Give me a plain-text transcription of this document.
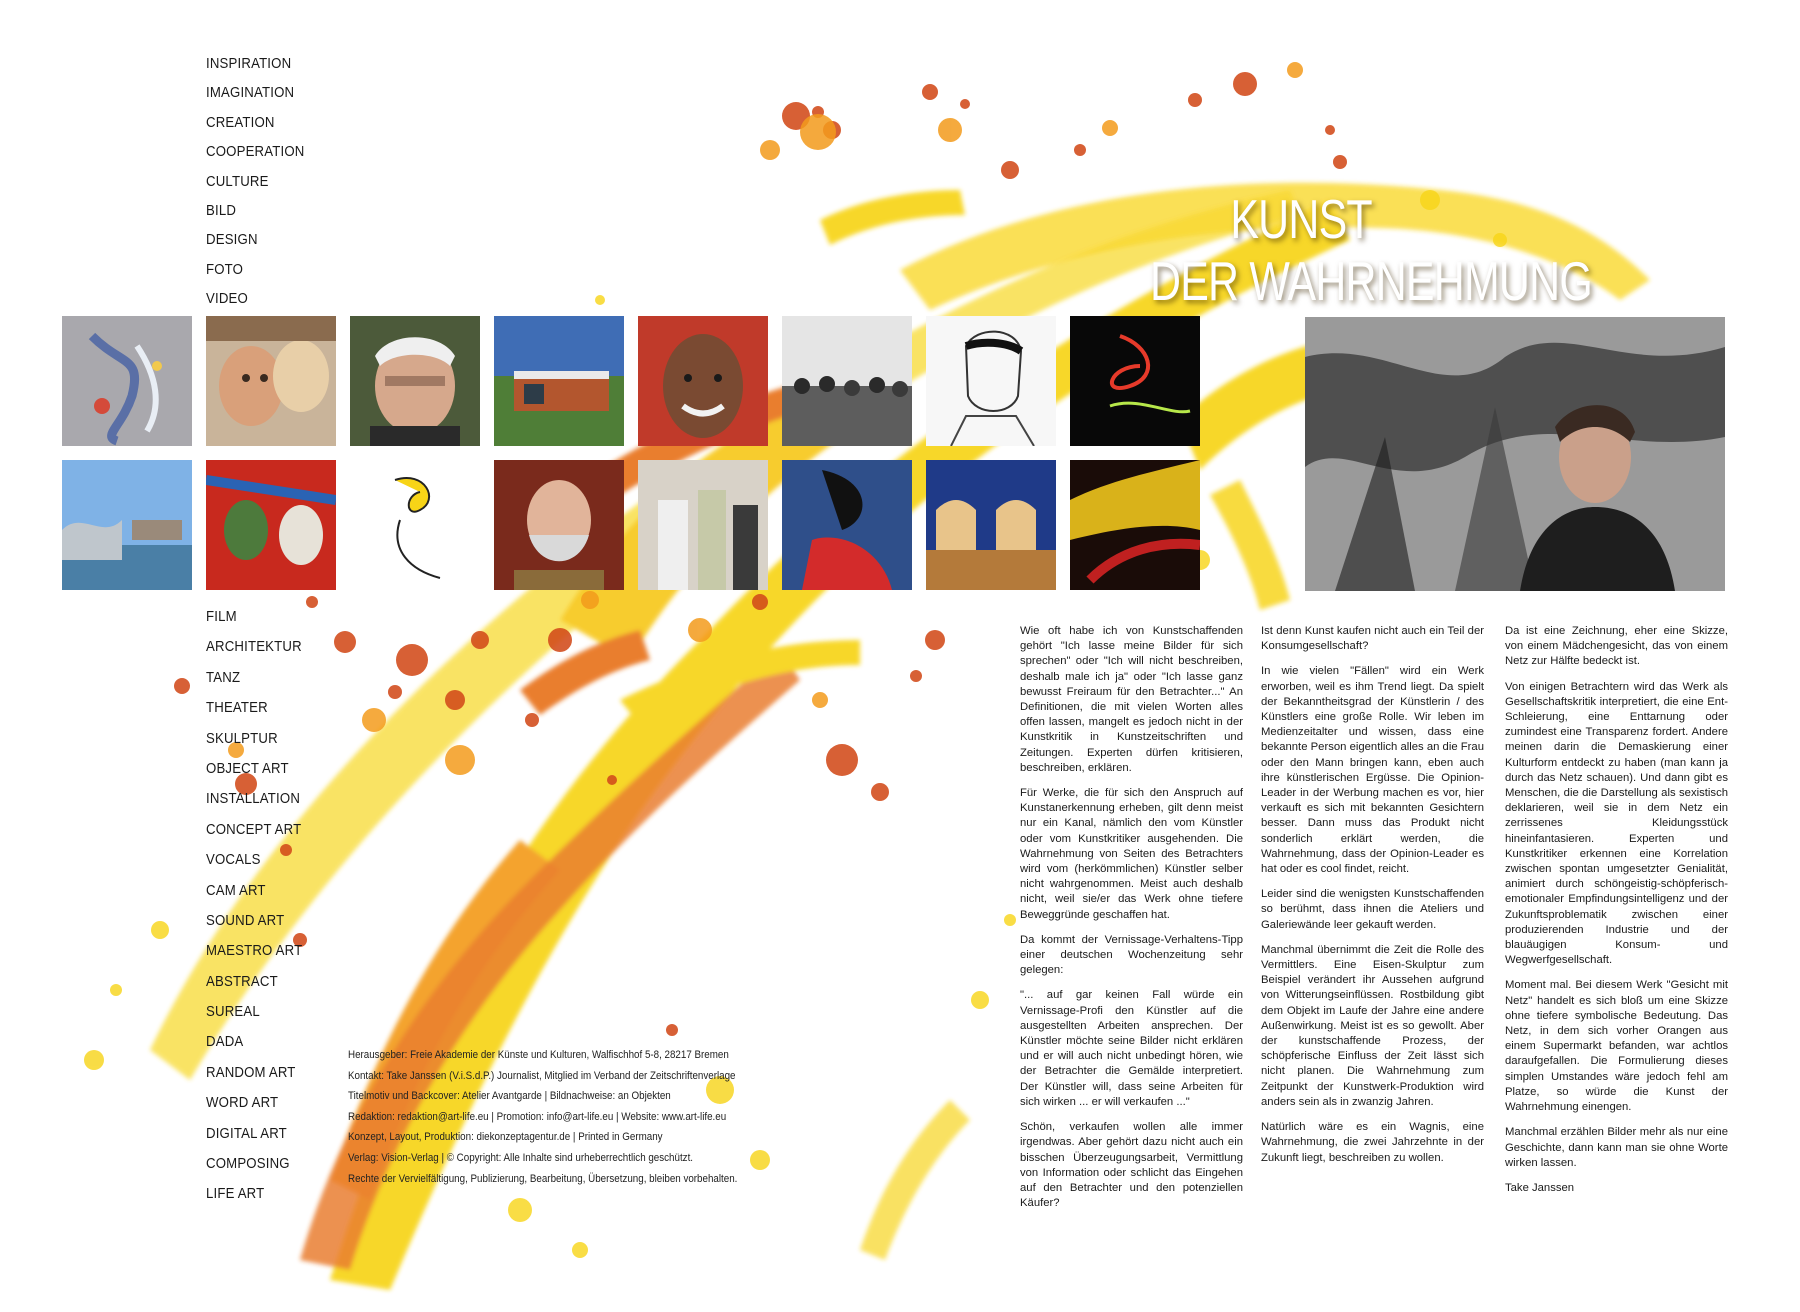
INSPIRATION
IMAGINATION
CREATION
COOPERATION
CULTURE
BILD
DESIGN
FOTO
VIDEO
KUNST
DER WAHRNEHMUNG
FILM
ARCHITEKTUR
TANZ
THEATER
SKULPTUR
OBJECT ART
INSTALLATION
CONCEPT ART
VOCALS
CAM ART
SOUND ART
MAESTRO ART
ABSTRACT
SUREAL
DADA
RANDOM ART
WORD ART
DIGITAL ART
COMPOSING
LIFE ART
Herausgeber: Freie Akademie der Künste und Kulturen, Walfischhof 5-8, 28217 Bremen
Kontakt: Take Janssen (V.i.S.d.P.) Journalist, Mitglied im Verband der Zeitschriftenverlage
Titelmotiv und Backcover: Atelier Avantgarde | Bildnachweise: an Objekten
Redaktion: redaktion@art-life.eu | Promotion: info@art-life.eu | Website: www.art-life.eu
Konzept, Layout, Produktion: diekonzeptagentur.de | Printed in Germany
Verlag: Vision-Verlag | © Copyright: Alle Inhalte sind urheberrechtlich geschützt.
Rechte der Vervielfältigung, Publizierung, Bearbeitung, Übersetzung, bleiben vorbehalten.

Wie oft habe ich von Kunstschaffenden gehört "Ich lasse meine Bilder für sich sprechen" oder "Ich will nicht beschreiben, deshalb male ich ja" oder "Ich lasse ganz bewusst Freiraum für den Betrachter..." An Definitionen, die mit vielen Worten alles offen lassen, mangelt es jedoch nicht in der Kunstkritik in Kunstzeitschriften und Zeitungen. Experten dürfen kritisieren, beschreiben, erklären.

Für Werke, die für sich den Anspruch auf Kunstanerkennung erheben, gilt denn meist nur ein Kanal, nämlich den vom Künstler oder vom Kunstkritiker ausgehenden. Die Wahrnehmung von Seiten des Betrachters wird vom (herkömmlichen) Künstler selber nicht wahrgenommen. Meist auch deshalb nicht, weil sie/er das Werk ohne tiefere Beweggründe geschaffen hat.

Da kommt der Vernissage-Verhaltens-Tipp einer deutschen Wochenzeitung sehr gelegen:

"... auf gar keinen Fall würde ein Vernissage-Profi den Künstler auf die ausgestellten Arbeiten ansprechen. Der Künstler möchte seine Bilder nicht erklären und er will auch nicht unbedingt hören, wie der Betrachter die Gemälde interpretiert. Der Künstler will, dass seine Arbeiten für sich wirken ... er will verkaufen ..."

Schön, verkaufen wollen alle immer irgendwas. Aber gehört dazu nicht auch ein bisschen Überzeugungsarbeit, Vermittlung von Information oder schlicht das Eingehen auf den Betrachter und den potenziellen Käufer?

Ist denn Kunst kaufen nicht auch ein Teil der Konsumgesellschaft?

In wie vielen "Fällen" wird ein Werk erworben, weil es ihm Trend liegt. Da spielt der Bekanntheitsgrad der Künstlerin / des Künstlers eine große Rolle. Wir leben im Medienzeitalter und wissen, dass eine bekannte Person eigentlich alles an die Frau oder den Mann bringen kann, eben auch ihre künstlerischen Ergüsse. Die Opinion- Leader in der Werbung machen es vor, hier verkauft es sich mit bekannten Gesichtern besser. Dann muss das Produkt nicht sonderlich erklärt werden, die Wahrnehmung, dass der Opinion-Leader es hat oder es cool findet, reicht.

Leider sind die wenigsten Kunstschaffenden so berühmt, dass ihnen die Ateliers und Galeriewände leer gekauft werden.

Manchmal übernimmt die Zeit die Rolle des Vermittlers. Eine Eisen-Skulptur zum Beispiel verändert ihr Aussehen aufgrund von Witterungseinflüssen. Rostbildung gibt dem Objekt im Laufe der Jahre eine andere Außenwirkung. Meist ist es so gewollt. Aber der kunstschaffende Prozess, der schöpferische Einfluss der Zeit lässt sich nicht planen. Die Wahrnehmung zum Zeitpunkt der Kunstwerk-Produktion wird anders sein als in zwanzig Jahren.

Natürlich wäre es ein Wagnis, eine Wahrnehmung, die zwei Jahrzehnte in der Zukunft liegt, beschreiben zu wollen.

Da ist eine Zeichnung, eher eine Skizze, von einem Mädchengesicht, das von einem Netz zur Hälfte bedeckt ist.

Von einigen Betrachtern wird das Werk als Gesellschaftskritik interpretiert, die eine Ent-Schleierung, eine Enttarnung oder zumindest eine Transparenz fordert. Andere meinen darin die Demaskierung einer Kulturform entdeckt zu haben (man kann ja durch das Netz schauen). Und dann gibt es Menschen, die die Darstellung als sexistisch deklarieren, weil sie in dem Netz ein zerrissenes Kleidungsstück hineinfantasieren. Experten und Kunstkritiker erkennen eine Korrelation zwischen spontan umgesetzter Genialität, animiert durch schöngeistig-schöpferisch-emotionaler Empfindungsintelligenz und der Zukunftsproblematik zwischen einer produzierenden Industrie und der blauäugigen Konsum- und Wegwerfgesellschaft.

Moment mal. Bei diesem Werk "Gesicht mit Netz" handelt es sich bloß um eine Skizze ohne tiefere symbolische Bedeutung. Das Netz, in dem sich vorher Orangen aus einem Supermarkt befanden, war achtlos daraufgefallen. Die Formulierung dieses simplen Umstandes wäre jedoch fehl am Platze, so würde die Kunst der Wahrnehmung einengen.

Manchmal erzählen Bilder mehr als nur eine Geschichte, dann kann man sie ohne Worte wirken lassen.

Take Janssen
